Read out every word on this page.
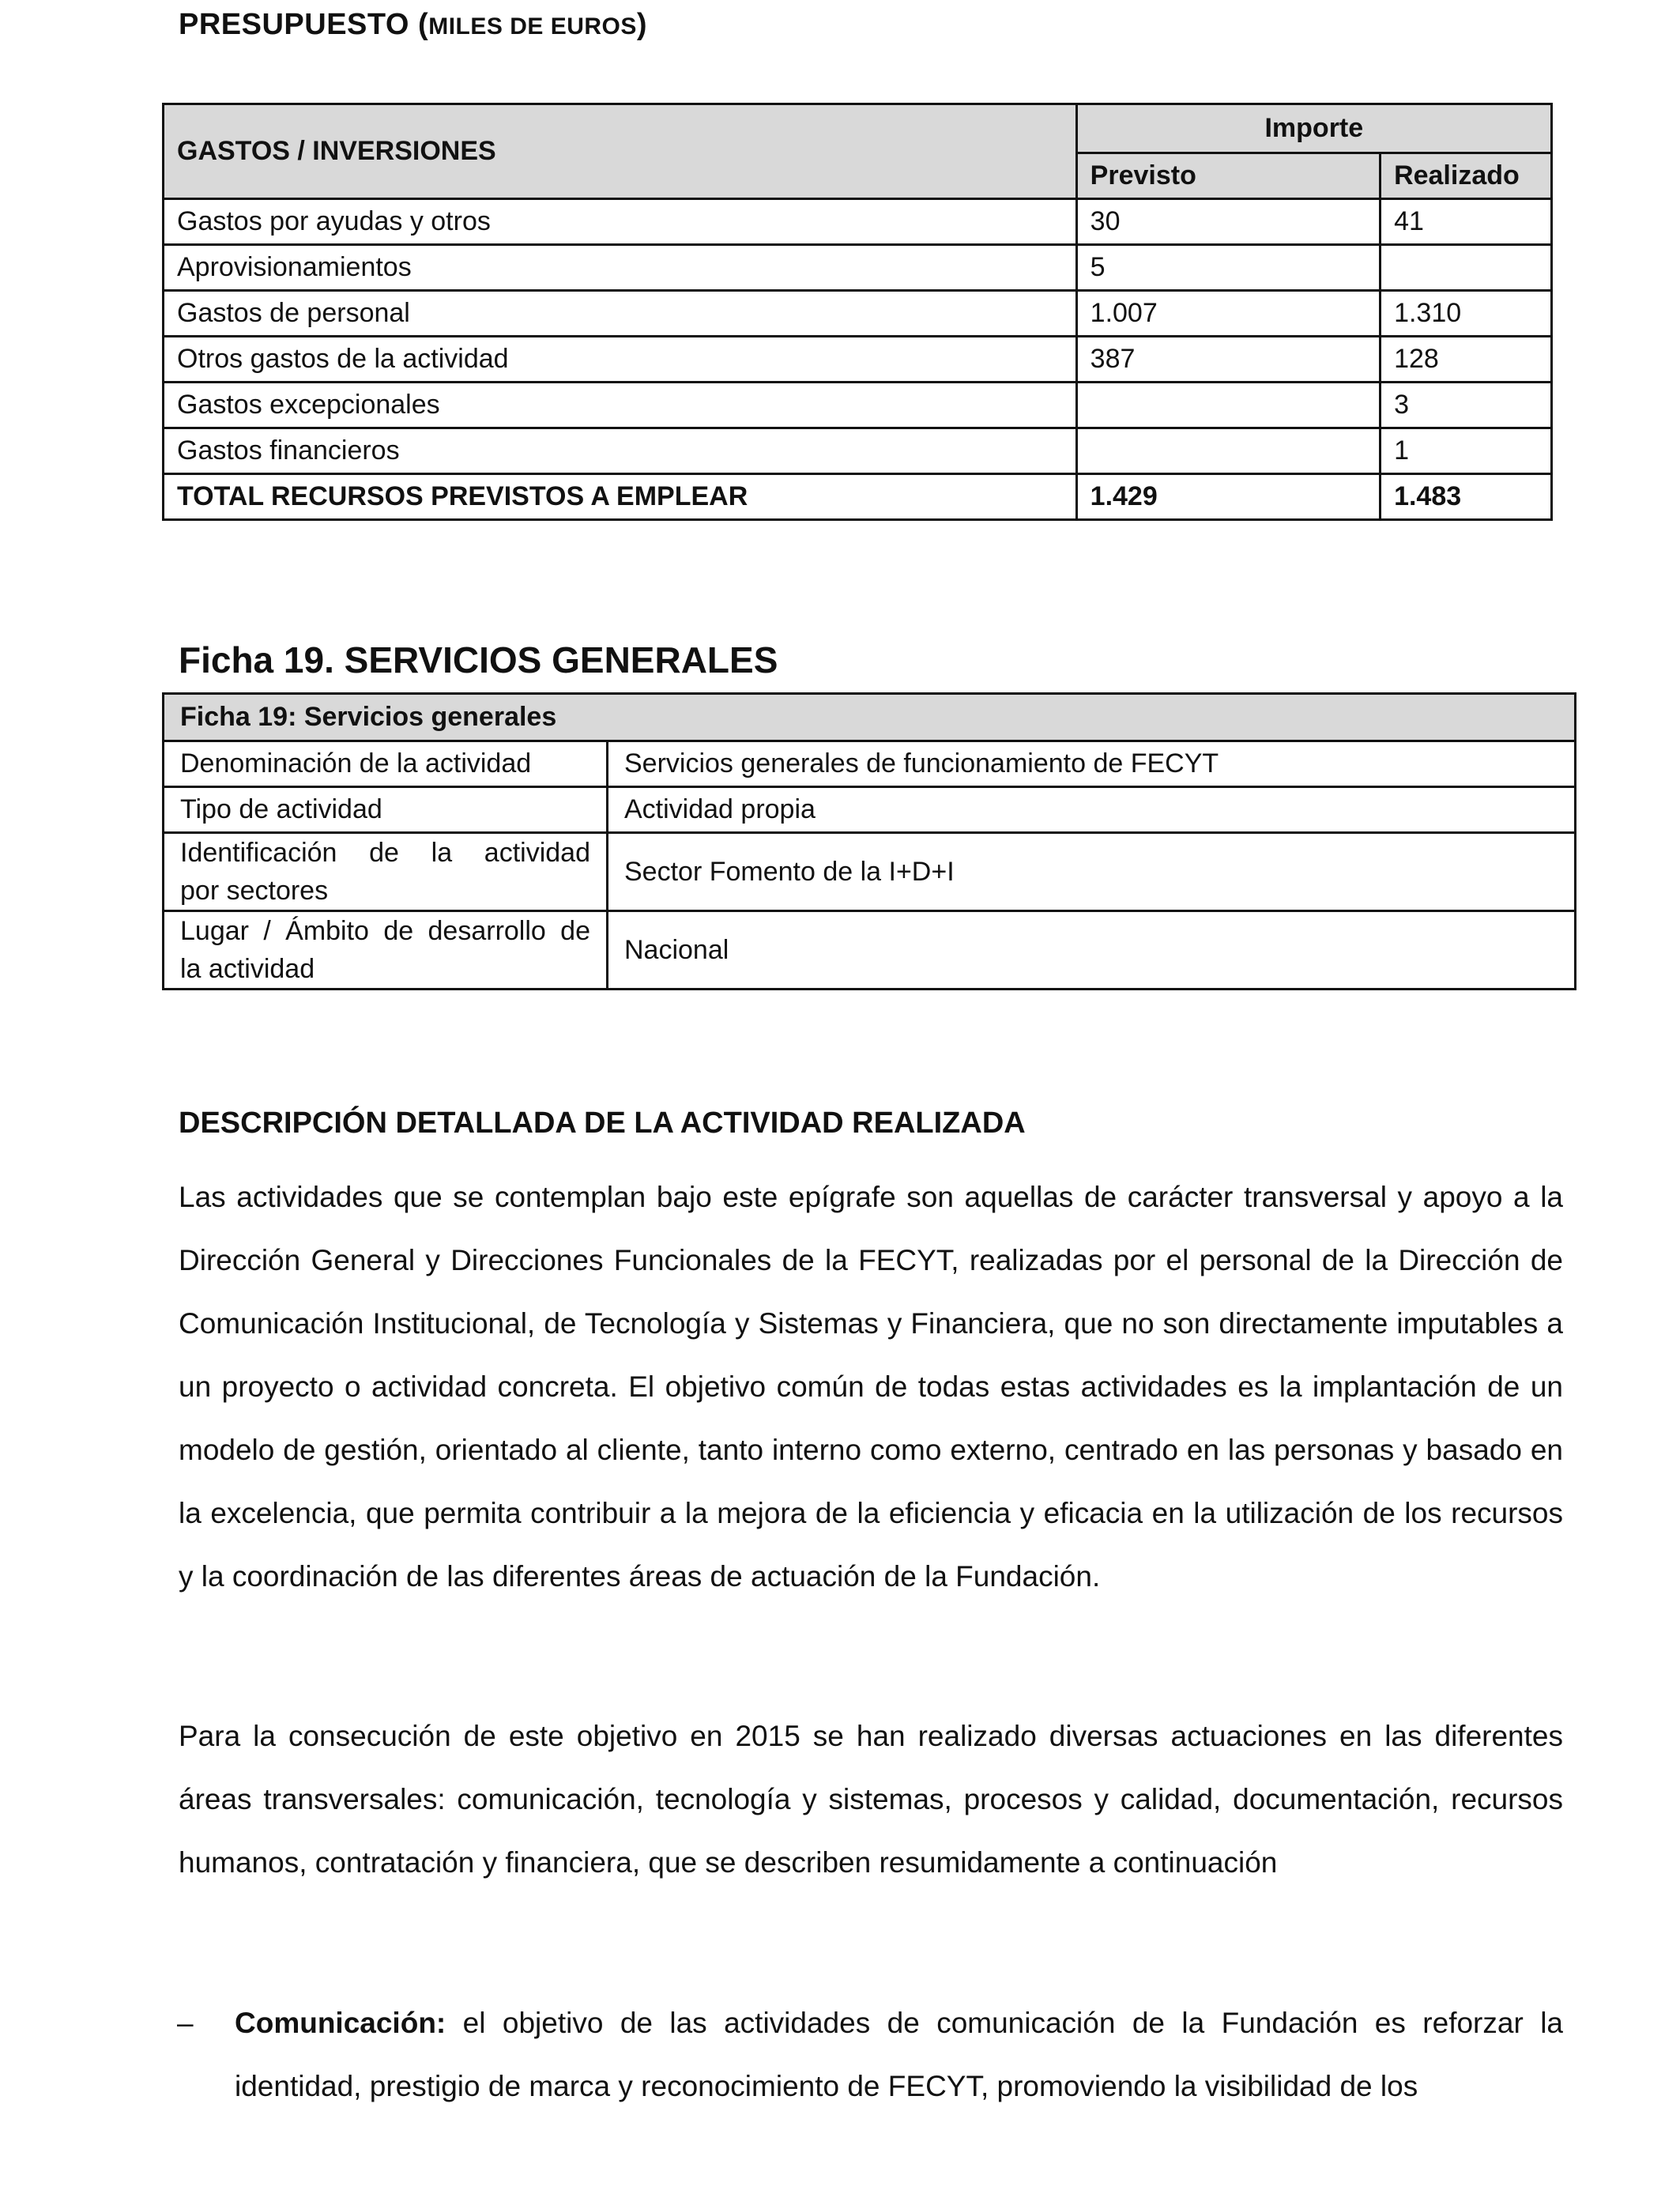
PRESUPUESTO (MILES DE EUROS)
GASTOS / INVERSIONES	Importe	
	Previsto	Realizado
Gastos por ayudas y otros	30	41
Aprovisionamientos	5	
Gastos de personal	1.007	1.310
Otros gastos de la actividad	387	128
Gastos excepcionales		3
Gastos financieros		1
TOTAL RECURSOS PREVISTOS A EMPLEAR	1.429	1.483
Ficha 19. SERVICIOS GENERALES
Ficha 19: Servicios generales	
Denominación de la actividad	Servicios generales de funcionamiento de FECYT
Tipo de actividad	Actividad propia

Identificación de la actividad
por sectores	Sector Fomento de la I+D+I

Lugar / Ámbito de desarrollo de
la actividad	Nacional
DESCRIPCIÓN DETALLADA DE LA ACTIVIDAD REALIZADA

Las actividades que se contemplan bajo este epígrafe son aquellas de carácter transversal y apoyo a la Dirección General y Direcciones Funcionales de la FECYT, realizadas por el personal de la Dirección de Comunicación Institucional, de Tecnología y Sistemas y Financiera, que no son directamente imputables a un proyecto o actividad concreta. El objetivo común de todas estas actividades es la implantación de un modelo de gestión, orientado al cliente, tanto interno como externo, centrado en las personas y basado en la excelencia, que permita contribuir a la mejora de la eficiencia y eficacia en la utilización de los recursos y la coordinación de las diferentes áreas de actuación de la Fundación.

Para la consecución de este objetivo en 2015 se han realizado diversas actuaciones en las diferentes áreas transversales: comunicación, tecnología y sistemas, procesos y calidad, documentación, recursos humanos, contratación y financiera, que se describen resumidamente a continuación

– Comunicación: el objetivo de las actividades de comunicación de la Fundación es reforzar la identidad, prestigio de marca y reconocimiento de FECYT, promoviendo la visibilidad de los
